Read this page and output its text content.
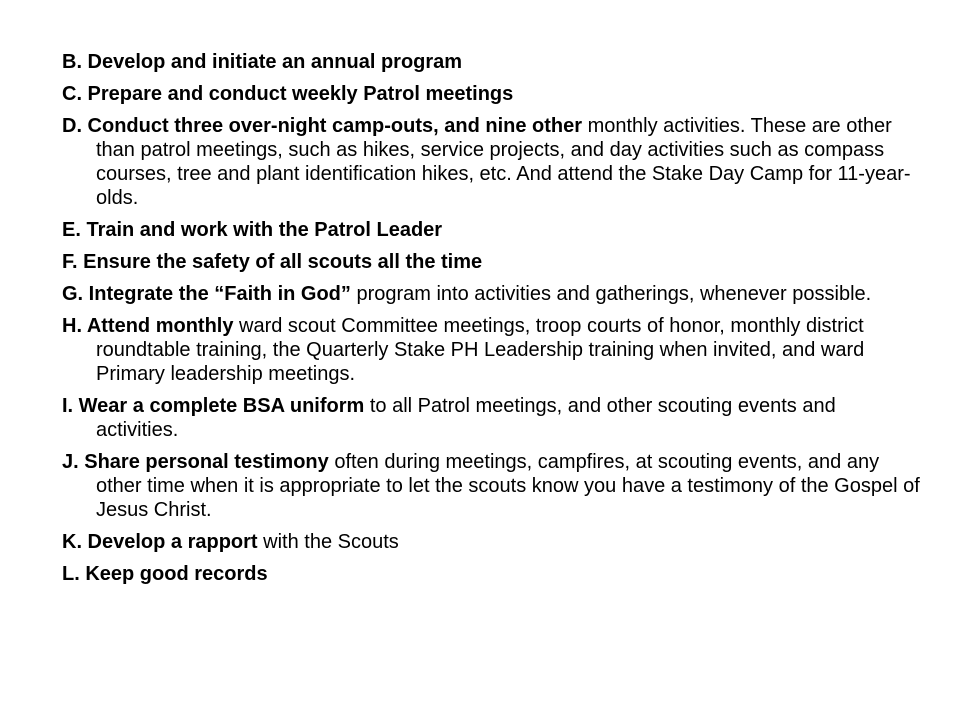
B. Develop and initiate an annual program

C. Prepare and conduct weekly Patrol meetings

D. Conduct three over-night camp-outs, and nine other monthly activities. These are other than patrol meetings, such as hikes, service projects, and day activities such as compass courses, tree and plant identification hikes, etc. And attend the Stake Day Camp for 11-year-olds.

E. Train and work with the Patrol Leader

F. Ensure the safety of all scouts all the time

G. Integrate the “Faith in God” program into activities and gatherings, whenever possible.

H. Attend monthly ward scout Committee meetings, troop courts of honor, monthly district roundtable training, the Quarterly Stake PH Leadership training when invited, and ward Primary leadership meetings.

I. Wear a complete BSA uniform to all Patrol meetings, and other scouting events and activities.

J. Share personal testimony often during meetings, campfires, at scouting events, and any other time when it is appropriate to let the scouts know you have a testimony of the Gospel of Jesus Christ.

K. Develop a rapport with the Scouts

L. Keep good records
